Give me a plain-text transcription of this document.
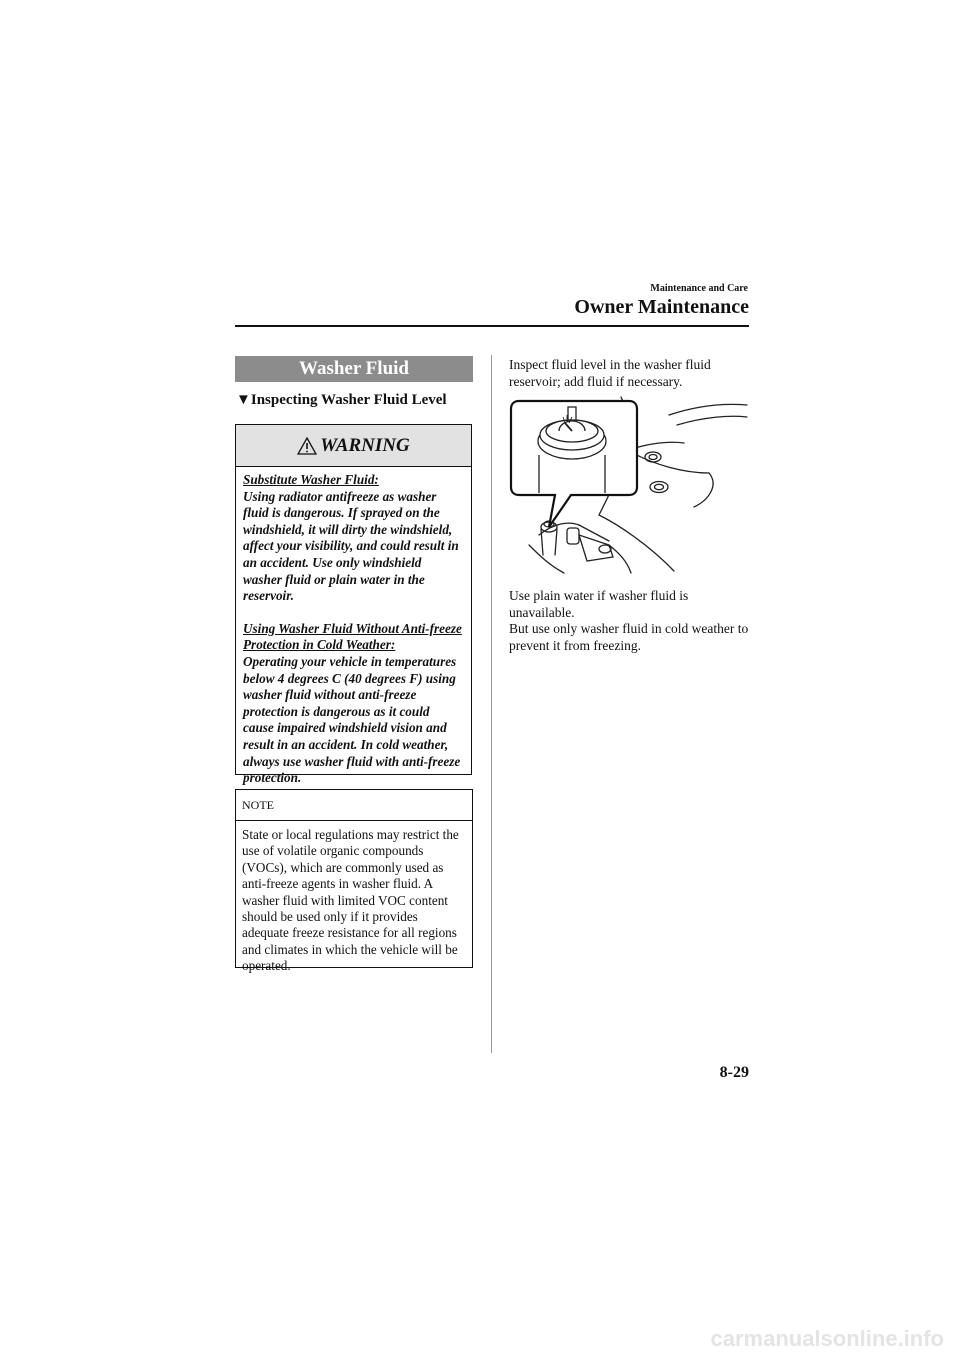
Maintenance and Care
Owner Maintenance
Washer Fluid
▼Inspecting Washer Fluid Level
WARNING

Substitute Washer Fluid:

Using radiator antifreeze as washer fluid is dangerous. If sprayed on the windshield, it will dirty the windshield, affect your visibility, and could result in an accident. Use only windshield washer fluid or plain water in the reservoir.

Using Washer Fluid Without Anti-freeze Protection in Cold Weather:

Operating your vehicle in temperatures below 4 degrees C (40 degrees F) using washer fluid without anti-freeze protection is dangerous as it could cause impaired windshield vision and result in an accident. In cold weather, always use washer fluid with anti-freeze protection.

NOTE
State or local regulations may restrict the use of volatile organic compounds (VOCs), which are commonly used as anti-freeze agents in washer fluid. A washer fluid with limited VOC content should be used only if it provides adequate freeze resistance for all regions and climates in which the vehicle will be operated.
Inspect fluid level in the washer fluid reservoir; add fluid if necessary.

Use plain water if washer fluid is unavailable.

But use only washer fluid in cold weather to prevent it from freezing.

8-29
carmanualsonline.info
